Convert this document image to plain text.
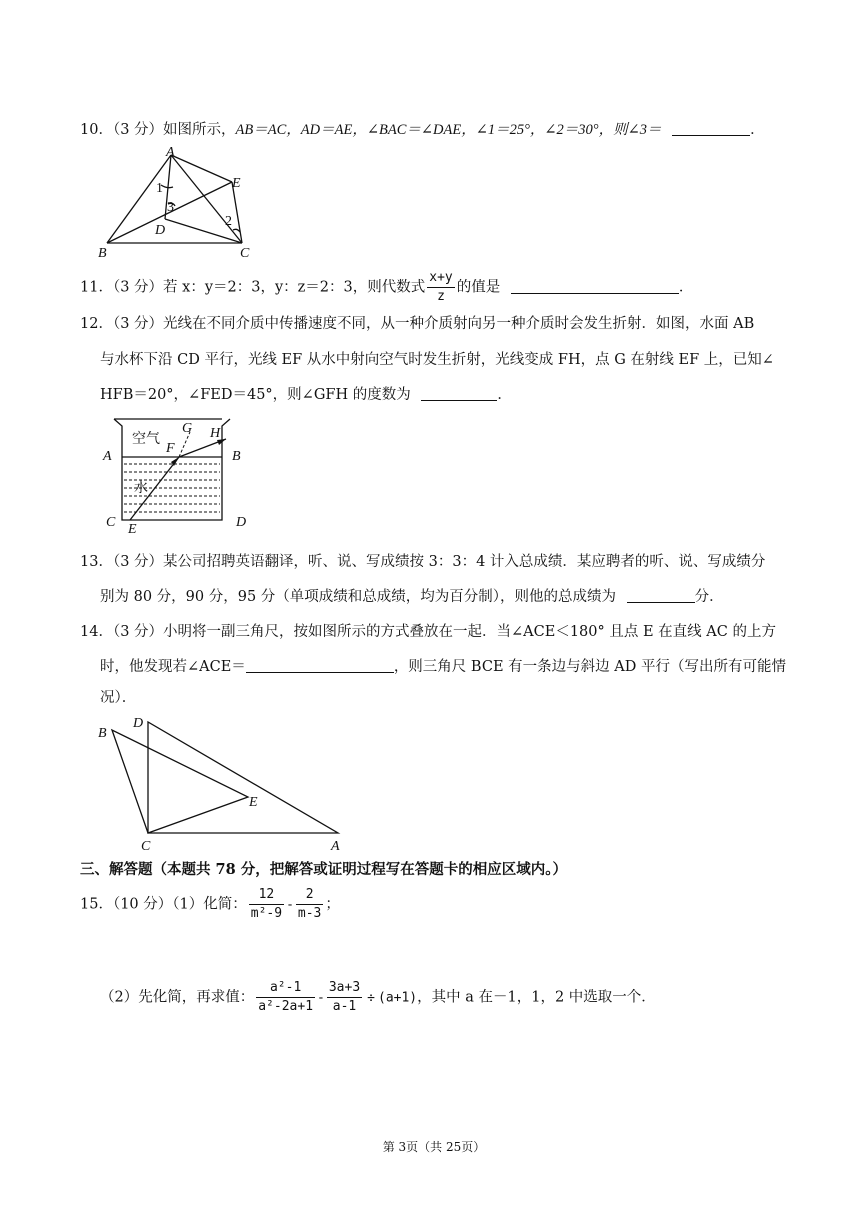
10．（3 分）如图所示，AB＝AC，AD＝AE，∠BAC＝∠DAE，∠1＝25°，∠2＝30°，则∠3＝	．
A
B	C
D
E
1
2
3
11．（3 分）若 x：y＝2：3，y：z＝2：3，则代数式 $\frac{x+y}{z}$ 的值是	．
12．（3 分）光线在不同介质中传播速度不同，从一种介质射向另一种介质时会发生折射．如图，水面 AB
与水杯下沿 CD 平行，光线 EF 从水中射向空气时发生折射，光线变成 FH，点 G 在射线 EF 上，已知∠
HFB＝20°，∠FED＝45°，则∠GFH 的度数为	．
空气
水
A	B
C	D
E
F
G H
13．（3 分）某公司招聘英语翻译，听、说、写成绩按 3：3：4 计入总成绩．某应聘者的听、说、写成绩分
别为 80 分，90 分，95 分（单项成绩和总成绩，均为百分制），则他的总成绩为	分．
14．（3 分）小明将一副三角尺，按如图所示的方式叠放在一起．当∠ACE＜180° 且点 E 在直线 AC 的上方
时，他发现若∠ACE＝	，则三角尺 BCE 有一条边与斜边 AD 平行（写出所有可能情
况）．
D
B
C	A
E
三、解答题（本题共 78 分，把解答或证明过程写在答题卡的相应区域内。）
15．（10 分）（1）化简： $\frac{12}{\text{m²-9}} - \frac{2}{m-3}$ ；
（2）先化简，再求值： $\frac{\text{a²-1}}{\text{a²-2a+1}} - \frac{3a+3}{a-1} \div (a+1)$，其中 a 在－1，1，2 中选取一个．
第 3页（共 25页）
